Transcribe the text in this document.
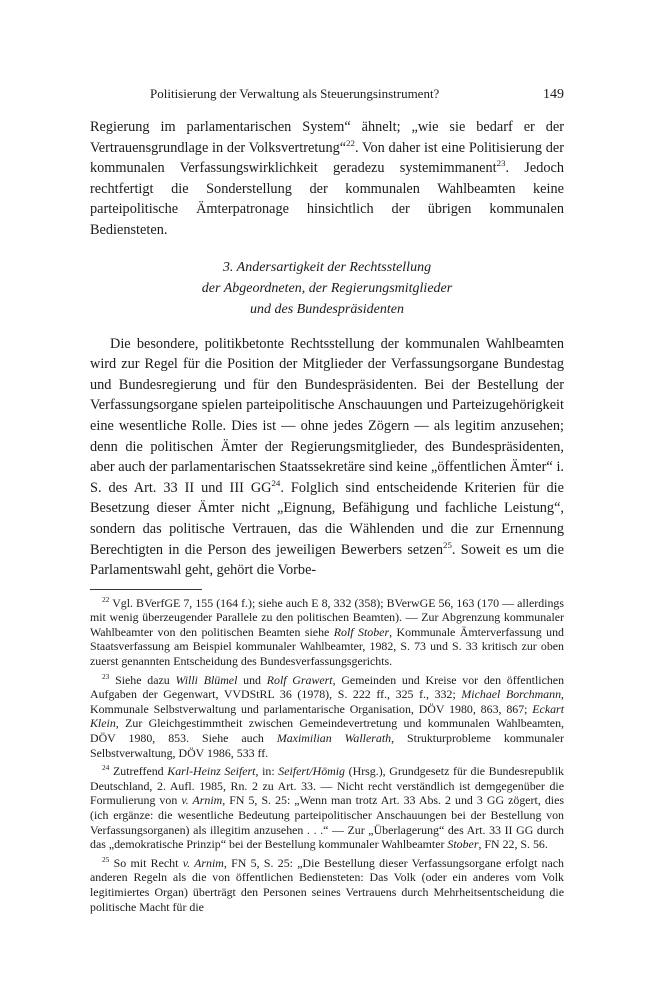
Politisierung der Verwaltung als Steuerungsinstrument?	149

Regierung im parlamentarischen System“ ähnelt; „wie sie bedarf er der Vertrauensgrundlage in der Volksvertretung“$^{22}$. Von daher ist eine Politisierung der kommunalen Verfassungswirklichkeit geradezu systemimmanent$^{23}$. Jedoch rechtfertigt die Sonderstellung der kommunalen Wahlbeamten keine parteipolitische Ämterpatronage hinsichtlich der übrigen kommunalen Bediensteten.

3. Andersartigkeit der Rechtsstellung
der Abgeordneten, der Regierungsmitglieder
und des Bundespräsidenten

Die besondere, politikbetonte Rechtsstellung der kommunalen Wahlbeamten wird zur Regel für die Position der Mitglieder der Verfassungsorgane Bundestag und Bundesregierung und für den Bundespräsidenten. Bei der Bestellung der Verfassungsorgane spielen parteipolitische Anschauungen und Parteizugehörigkeit eine wesentliche Rolle. Dies ist — ohne jedes Zögern — als legitim anzusehen; denn die politischen Ämter der Regierungsmitglieder, des Bundespräsidenten, aber auch der parlamentarischen Staatssekretäre sind keine „öffentlichen Ämter“ i. S. des Art. 33 II und III GG$^{24}$. Folglich sind entscheidende Kriterien für die Besetzung dieser Ämter nicht „Eignung, Befähigung und fachliche Leistung“, sondern das politische Vertrauen, das die Wählenden und die zur Ernennung Berechtigten in die Person des jeweiligen Bewerbers setzen$^{25}$. Soweit es um die Parlamentswahl geht, gehört die Vorbe-

$^{22}$ Vgl. BVerfGE 7, 155 (164 f.); siehe auch E 8, 332 (358); BVerwGE 56, 163 (170 — allerdings mit wenig überzeugender Parallele zu den politischen Beamten). — Zur Abgrenzung kommunaler Wahlbeamter von den politischen Beamten siehe Rolf Stober, Kommunale Ämterverfassung und Staatsverfassung am Beispiel kommunaler Wahlbeamter, 1982, S. 73 und S. 33 kritisch zur oben zuerst genannten Entscheidung des Bundesverfassungsgerichts.

$^{23}$ Siehe dazu Willi Blümel und Rolf Grawert, Gemeinden und Kreise vor den öffentlichen Aufgaben der Gegenwart, VVDStRL 36 (1978), S. 222 ff., 325 f., 332; Michael Borchmann, Kommunale Selbstverwaltung und parlamentarische Organisation, DÖV 1980, 863, 867; Eckart Klein, Zur Gleichgestimmtheit zwischen Gemeindevertretung und kommunalen Wahlbeamten, DÖV 1980, 853. Siehe auch Maximilian Wallerath, Strukturprobleme kommunaler Selbstverwaltung, DÖV 1986, 533 ff.

$^{24}$ Zutreffend Karl-Heinz Seifert, in: Seifert/Hömig (Hrsg.), Grundgesetz für die Bundesrepublik Deutschland, 2. Aufl. 1985, Rn. 2 zu Art. 33. — Nicht recht verständlich ist demgegenüber die Formulierung von v. Arnim, FN 5, S. 25: „Wenn man trotz Art. 33 Abs. 2 und 3 GG zögert, dies (ich ergänze: die wesentliche Bedeutung parteipolitischer Anschauungen bei der Bestellung von Verfassungsorganen) als illegitim anzusehen . . .“ — Zur „Überlagerung“ des Art. 33 II GG durch das „demokratische Prinzip“ bei der Bestellung kommunaler Wahlbeamter Stober, FN 22, S. 56.

$^{25}$ So mit Recht v. Arnim, FN 5, S. 25: „Die Bestellung dieser Verfassungsorgane erfolgt nach anderen Regeln als die von öffentlichen Bediensteten: Das Volk (oder ein anderes vom Volk legitimiertes Organ) überträgt den Personen seines Vertrauens durch Mehrheitsentscheidung die politische Macht für die
